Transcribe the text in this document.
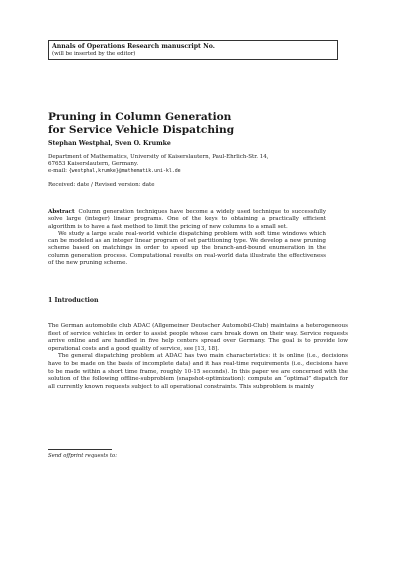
Annals of Operations Research manuscript No.
(will be inserted by the editor)
Pruning in Column Generation
for Service Vehicle Dispatching
Stephan Westphal, Sven O. Krumke
Department of Mathematics, University of Kaiserslautern, Paul-Ehrlich-Str. 14,
67653 Kaiserslautern, Germany.
e-mail: {westphal,krumke}@mathematik.uni-kl.de
Received: date / Revised version: date

Abstract Column generation techniques have become a widely used technique to successfully solve large (integer) linear programs. One of the keys to obtaining a practically efficient algorithm is to have a fast method to limit the pricing of new columns to a small set.

We study a large scale real-world vehicle dispatching problem with soft time windows which can be modeled as an integer linear program of set partitioning type. We develop a new pruning scheme based on matchings in order to speed up the branch-and-bound enumeration in the column generation process. Computational results on real-world data illustrate the effectiveness of the new pruning scheme.

1 Introduction

The German automobile club ADAC (Allgemeiner Deutscher Automobil-Club) maintains a heterogeneous fleet of service vehicles in order to assist people whose cars break down on their way. Service requests arrive online and are handled in five help centers spread over Germany. The goal is to provide low operational costs and a good quality of service, see [13, 18].

The general dispatching problem at ADAC has two main characteristics: it is online (i.e., decisions have to be made on the basis of incomplete data) and it has real-time requirements (i.e., decisions have to be made within a short time frame, roughly 10-15 seconds). In this paper we are concerned with the solution of the following offline-subproblem (snapshot-optimization): compute an “optimal” dispatch for all currently known requests subject to all operational constraints. This subproblem is mainly

Send offprint requests to:
